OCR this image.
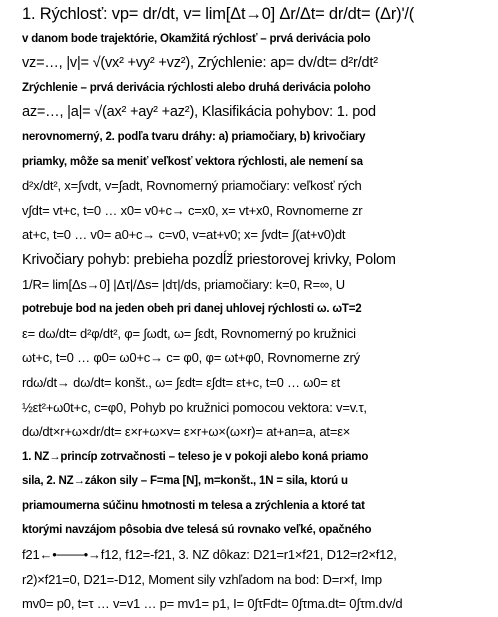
1. Rýchlosť: vp= dr/dt, v= lim[Δt→0] Δr/Δt= dr/dt= (Δr)'/(
v danom bode trajektórie, Okamžitá rýchlosť – prvá derivácia polo
vz=…, |v|= √(vx² +vy² +vz²), Zrýchlenie: ap= dv/dt= d²r/dt²
Zrýchlenie – prvá derivácia rýchlosti alebo druhá derivácia poloho
az=…, |a|= √(ax² +ay² +az²), Klasifikácia pohybov: 1. pod
nerovnomerný, 2. podľa tvaru dráhy: a) priamočiary, b) krivočiary
priamky, môže sa meniť veľkosť vektora rýchlosti, ale nemení sa
d²x/dt², x=∫vdt, v=∫adt, Rovnomerný priamočiary: veľkosť rých
v∫dt= vt+c, t=0 … x0= v0+c→ c=x0, x= vt+x0, Rovnomerne zr
at+c, t=0 … v0= a0+c→ c=v0, v=at+v0; x= ∫vdt= ∫(at+v0)dt
Krivočiary pohyb: prebieha pozdĺž priestorovej krivky, Polom
1/R= lim[Δs→0] |Δτ|/Δs= |dτ|/ds, priamočiary: k=0, R=∞, U
potrebuje bod na jeden obeh pri danej uhlovej rýchlosti ω. ωT=2
ε= dω/dt= d²φ/dt², φ= ∫ωdt, ω= ∫εdt, Rovnomerný po kružnici
ωt+c, t=0 … φ0= ω0+c→ c= φ0, φ= ωt+φ0, Rovnomerne zrý
rdω/dt→ dω/dt= konšt., ω= ∫εdt= ε∫dt= εt+c, t=0 … ω0= εt
½εt²+ω0t+c, c=φ0, Pohyb po kružnici pomocou vektora: v=v.τ,
dω/dt×r+ω×dr/dt= ε×r+ω×v= ε×r+ω×(ω×r)= at+an=a, at=ε×
1. NZ→princíp zotrvačnosti – teleso je v pokoji alebo koná priamo
sila, 2. NZ→zákon sily – F=ma [N], m=konšt., 1N = sila, ktorú u
priamoumerna súčinu hmotnosti m telesa a zrýchlenia a ktoré tat
ktorými navzájom pôsobia dve telesá sú rovnako veľké, opačného
f21←•───•→f12, f12=-f21, 3. NZ dôkaz: D21=r1×f21, D12=r2×f12,
r2)×f21=0, D21=-D12, Moment sily vzhľadom na bod: D=r×f, Imp
mv0= p0, t=τ … v=v1 … p= mv1= p1, I= 0∫τFdt= 0∫τma.dt= 0∫τm.dv/d
